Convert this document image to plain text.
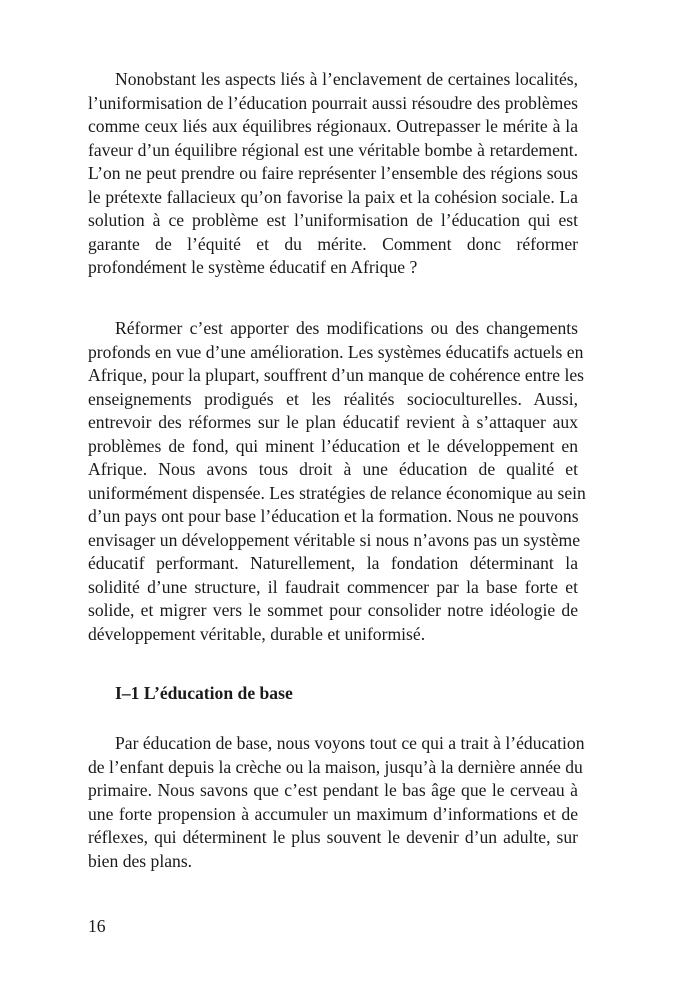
Nonobstant les aspects liés à l’enclavement de certaines localités,
l’uniformisation de l’éducation pourrait aussi résoudre des problèmes
comme ceux liés aux équilibres régionaux. Outrepasser le mérite à la
faveur d’un équilibre régional est une véritable bombe à retardement.
L’on ne peut prendre ou faire représenter l’ensemble des régions sous
le prétexte fallacieux qu’on favorise la paix et la cohésion sociale. La
solution à ce problème est l’uniformisation de l’éducation qui est
garante de l’équité et du mérite. Comment donc réformer
profondément le système éducatif en Afrique ?
Réformer c’est apporter des modifications ou des changements
profonds en vue d’une amélioration. Les systèmes éducatifs actuels en
Afrique, pour la plupart, souffrent d’un manque de cohérence entre les
enseignements prodigués et les réalités socioculturelles. Aussi,
entrevoir des réformes sur le plan éducatif revient à s’attaquer aux
problèmes de fond, qui minent l’éducation et le développement en
Afrique. Nous avons tous droit à une éducation de qualité et
uniformément dispensée. Les stratégies de relance économique au sein
d’un pays ont pour base l’éducation et la formation. Nous ne pouvons
envisager un développement véritable si nous n’avons pas un système
éducatif performant. Naturellement, la fondation déterminant la
solidité d’une structure, il faudrait commencer par la base forte et
solide, et migrer vers le sommet pour consolider notre idéologie de
développement véritable, durable et uniformisé.
I–1 L’éducation de base
Par éducation de base, nous voyons tout ce qui a trait à l’éducation
de l’enfant depuis la crèche ou la maison, jusqu’à la dernière année du
primaire. Nous savons que c’est pendant le bas âge que le cerveau à
une forte propension à accumuler un maximum d’informations et de
réflexes, qui déterminent le plus souvent le devenir d’un adulte, sur
bien des plans.
16
